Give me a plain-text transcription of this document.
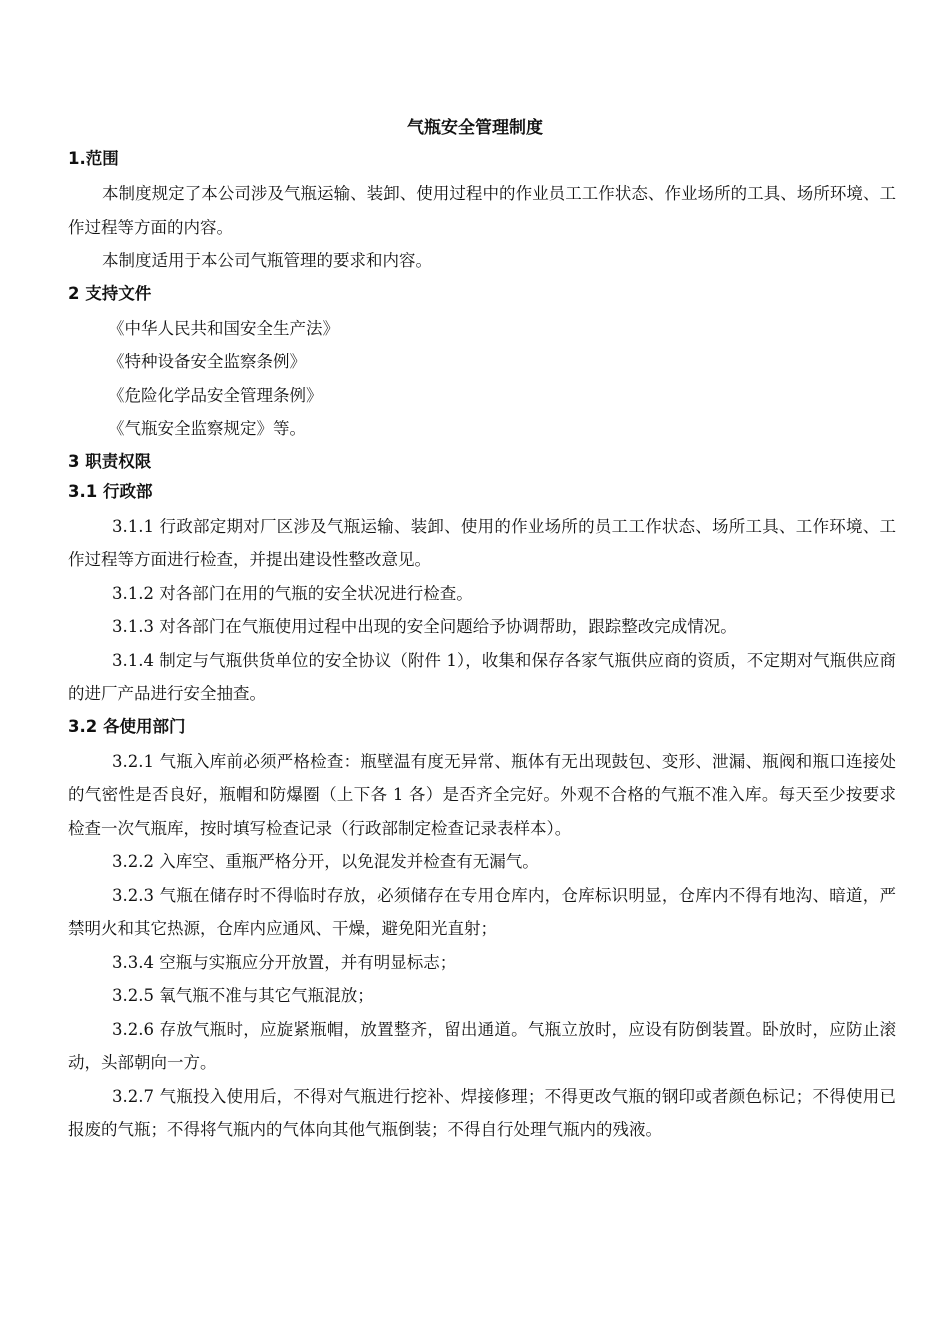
气瓶安全管理制度
1.范围

本制度规定了本公司涉及气瓶运输、装卸、使用过程中的作业员工工作状态、作业场所的工具、场所环境、工作过程等方面的内容。

本制度适用于本公司气瓶管理的要求和内容。

2 支持文件

《中华人民共和国安全生产法》

《特种设备安全监察条例》

《危险化学品安全管理条例》

《气瓶安全监察规定》等。

3 职责权限
3.1 行政部

3.1.1 行政部定期对厂区涉及气瓶运输、装卸、使用的作业场所的员工工作状态、场所工具、工作环境、工作过程等方面进行检查，并提出建设性整改意见。

3.1.2 对各部门在用的气瓶的安全状况进行检查。

3.1.3 对各部门在气瓶使用过程中出现的安全问题给予协调帮助，跟踪整改完成情况。

3.1.4 制定与气瓶供货单位的安全协议（附件 1），收集和保存各家气瓶供应商的资质，不定期对气瓶供应商的进厂产品进行安全抽查。

3.2 各使用部门

3.2.1 气瓶入库前必须严格检查：瓶壁温有度无异常、瓶体有无出现鼓包、变形、泄漏、瓶阀和瓶口连接处的气密性是否良好，瓶帽和防爆圈（上下各 1 各）是否齐全完好。外观不合格的气瓶不准入库。每天至少按要求检查一次气瓶库，按时填写检查记录（行政部制定检查记录表样本）。

3.2.2 入库空、重瓶严格分开，以免混发并检查有无漏气。

3.2.3 气瓶在储存时不得临时存放，必须储存在专用仓库内，仓库标识明显，仓库内不得有地沟、暗道，严禁明火和其它热源，仓库内应通风、干燥，避免阳光直射；

3.3.4 空瓶与实瓶应分开放置，并有明显标志；

3.2.5 氧气瓶不准与其它气瓶混放；

3.2.6 存放气瓶时，应旋紧瓶帽，放置整齐，留出通道。气瓶立放时，应设有防倒装置。卧放时，应防止滚动，头部朝向一方。

3.2.7 气瓶投入使用后，不得对气瓶进行挖补、焊接修理；不得更改气瓶的钢印或者颜色标记；不得使用已报废的气瓶；不得将气瓶内的气体向其他气瓶倒装；不得自行处理气瓶内的残液。
